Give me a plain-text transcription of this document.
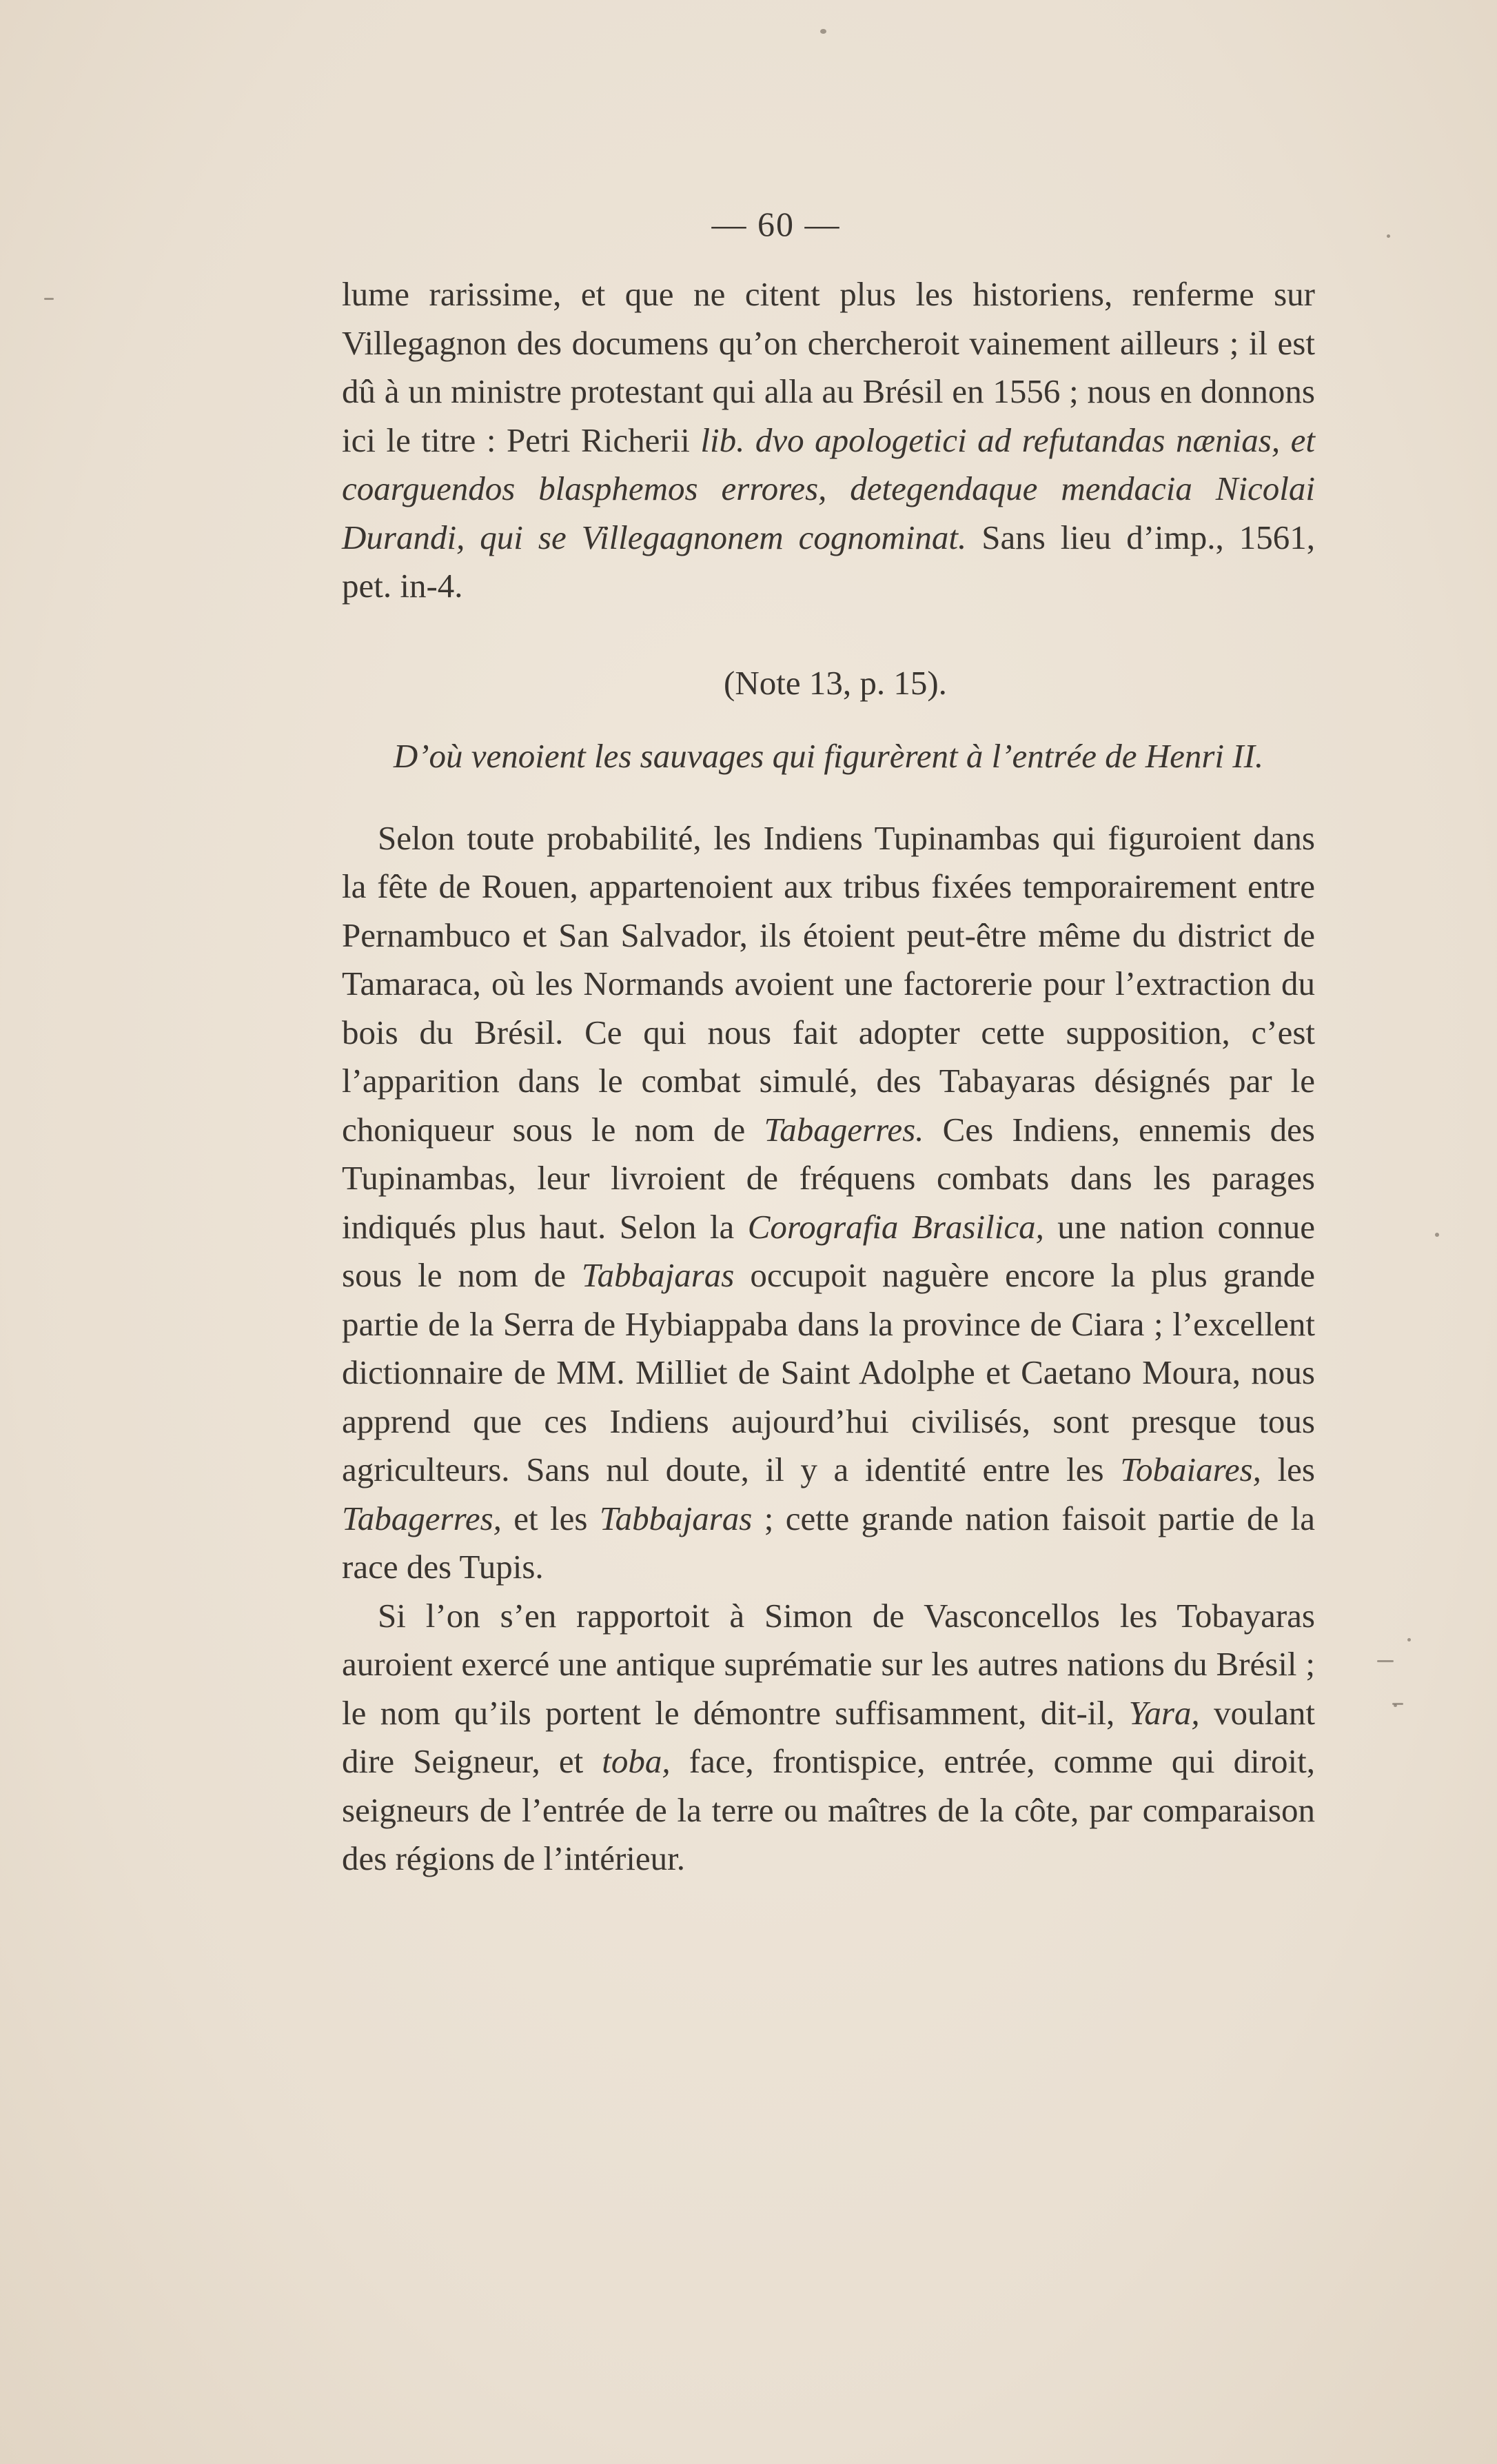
— 60 —

lume rarissime, et que ne citent plus les historiens, renferme sur Villegagnon des documens qu’on chercheroit vainement ailleurs ; il est dû à un ministre protestant qui alla au Brésil en 1556 ; nous en donnons ici le titre : Petri Richerii lib. dvo apologetici ad refutandas nænias, et coarguendos blasphemos errores, detegendaque mendacia Nicolai Durandi, qui se Villegagnonem cognominat. Sans lieu d’imp., 1561, pet. in-4.

(Note 13, p. 15).

D’où venoient les sauvages qui figurèrent à l’entrée de Henri II.

Selon toute probabilité, les Indiens Tupinambas qui figuroient dans la fête de Rouen, appartenoient aux tribus fixées temporairement entre Pernambuco et San Salvador, ils étoient peut-être même du district de Tamaraca, où les Normands avoient une factorerie pour l’extraction du bois du Brésil. Ce qui nous fait adopter cette supposition, c’est l’apparition dans le combat simulé, des Tabayaras désignés par le choniqueur sous le nom de Tabagerres. Ces Indiens, ennemis des Tupinambas, leur livroient de fréquens combats dans les parages indiqués plus haut. Selon la Corografia Brasilica, une nation connue sous le nom de Tabbajaras occupoit naguère encore la plus grande partie de la Serra de Hybiappaba dans la province de Ciara ; l’excellent dictionnaire de MM. Milliet de Saint Adolphe et Caetano Moura, nous apprend que ces Indiens aujourd’hui civilisés, sont presque tous agriculteurs. Sans nul doute, il y a identité entre les Tobaiares, les Tabagerres, et les Tabbajaras ; cette grande nation faisoit partie de la race des Tupis.

Si l’on s’en rapportoit à Simon de Vasconcellos les Tobayaras auroient exercé une antique suprématie sur les autres nations du Brésil ; le nom qu’ils portent le démontre suffisamment, dit-il, Yara, voulant dire Seigneur, et toba, face, frontispice, entrée, comme qui diroit, seigneurs de l’entrée de la terre ou maîtres de la côte, par comparaison des régions de l’intérieur.
